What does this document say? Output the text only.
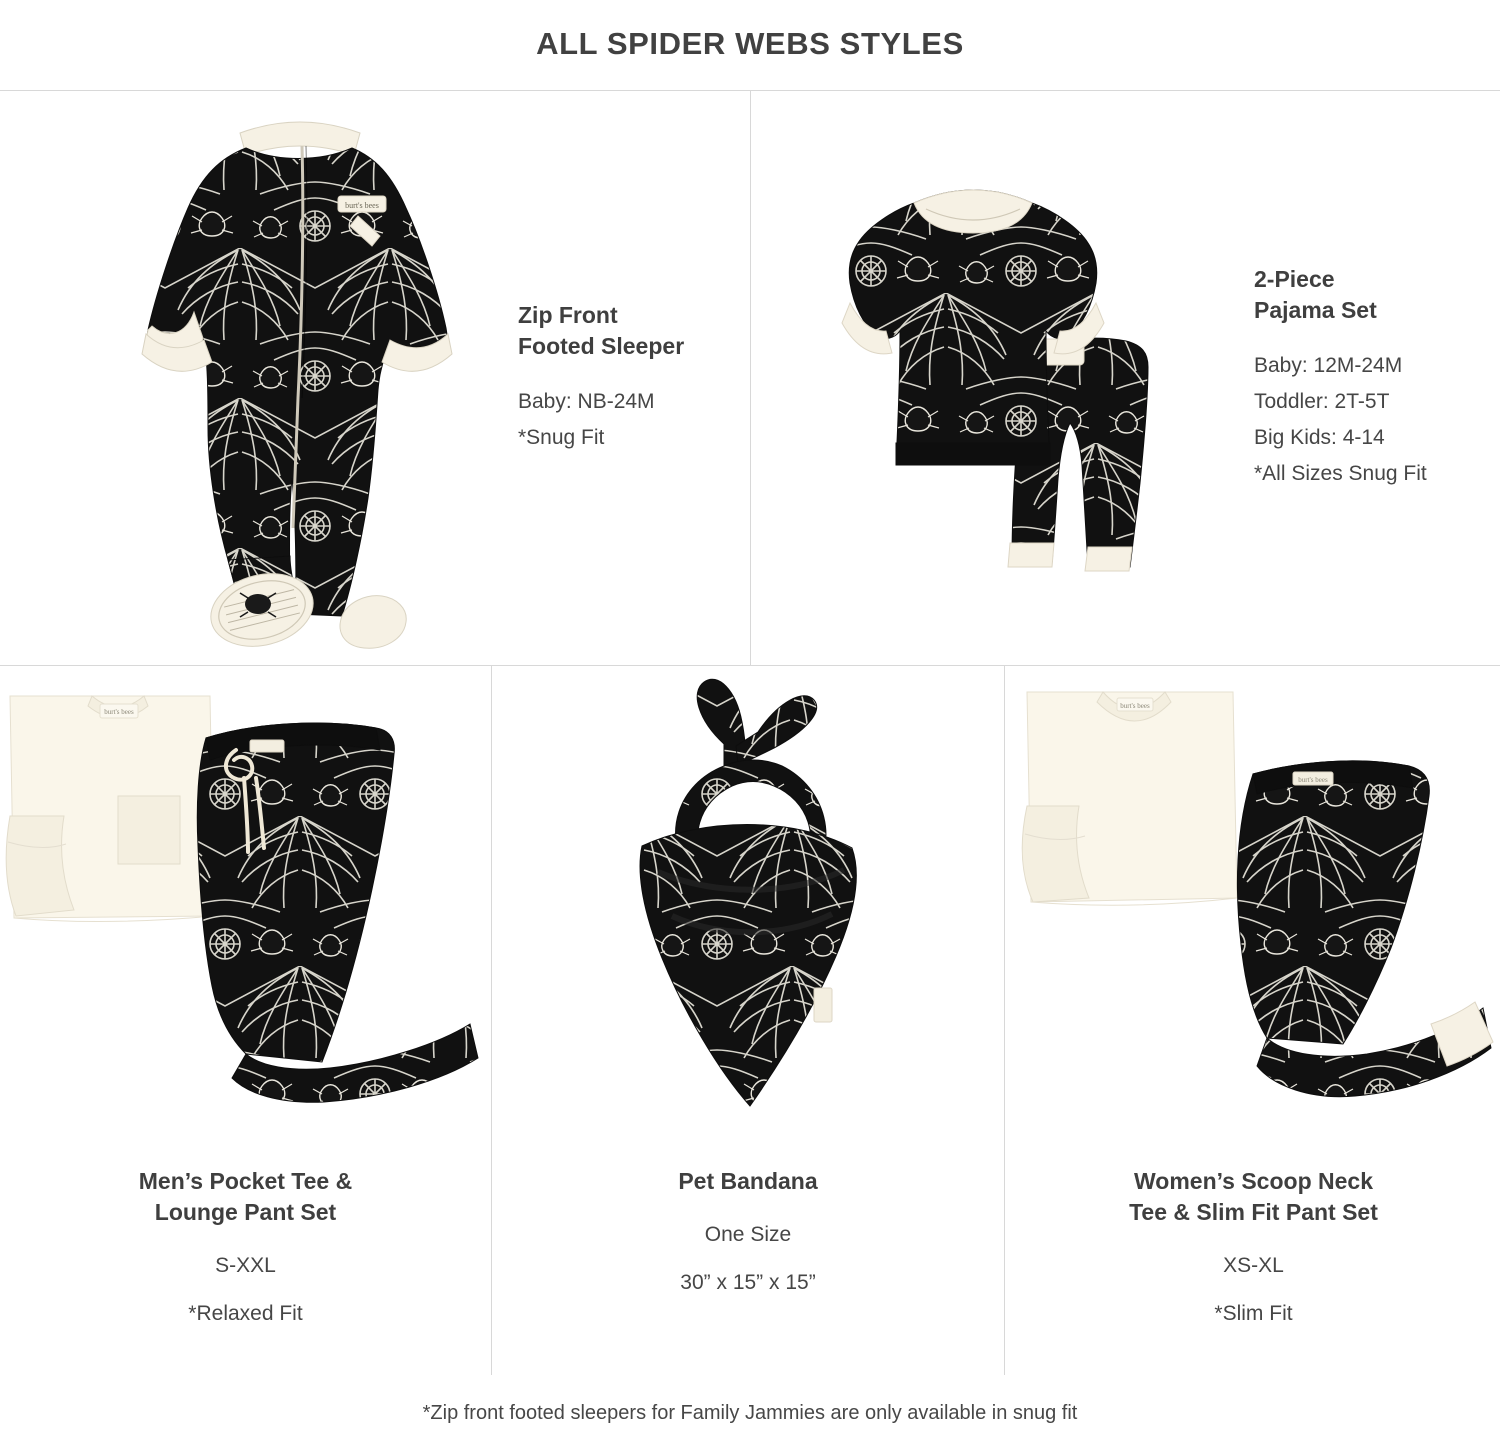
ALL SPIDER WEBS STYLES
burt's bees
Zip Front
Footed Sleeper
Baby: NB-24M
*Snug Fit
2-Piece
Pajama Set
Baby: 12M-24M
Toddler: 2T-5T
Big Kids: 4-14
*All Sizes Snug Fit
burt's bees
Men’s Pocket Tee &
Lounge Pant Set
S-XXL
*Relaxed Fit
Pet Bandana
One Size
30” x 15” x 15”
burt's bees
burt's bees
Women’s Scoop Neck
Tee & Slim Fit Pant Set
XS-XL
*Slim Fit
*Zip front footed sleepers for Family Jammies are only available in snug fit
